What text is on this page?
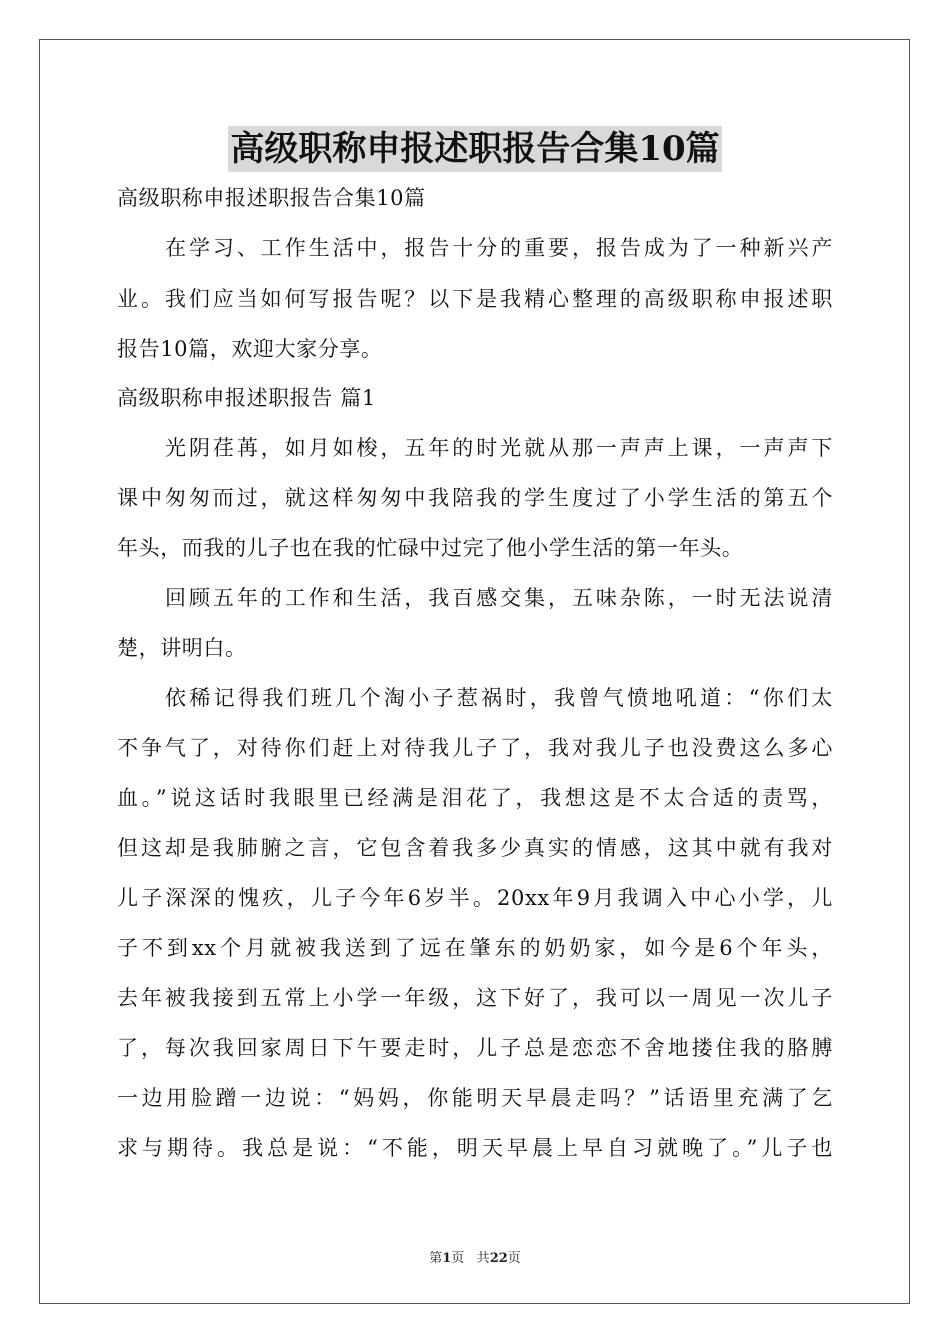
高级职称申报述职报告合集10篇
高级职称申报述职报告合集10篇
在学习、工作生活中，报告十分的重要，报告成为了一种新兴产
业。我们应当如何写报告呢？以下是我精心整理的高级职称申报述职
报告10篇，欢迎大家分享。
高级职称申报述职报告 篇1
光阴荏苒，如月如梭，五年的时光就从那一声声上课，一声声下
课中匆匆而过，就这样匆匆中我陪我的学生度过了小学生活的第五个
年头，而我的儿子也在我的忙碌中过完了他小学生活的第一年头。
回顾五年的工作和生活，我百感交集，五味杂陈，一时无法说清
楚，讲明白。
依稀记得我们班几个淘小子惹祸时，我曾气愤地吼道：“你们太
不争气了，对待你们赶上对待我儿子了，我对我儿子也没费这么多心
血。”说这话时我眼里已经满是泪花了，我想这是不太合适的责骂，
但这却是我肺腑之言，它包含着我多少真实的情感，这其中就有我对
儿子深深的愧疚，儿子今年6岁半。20xx年9月我调入中心小学，儿
子不到xx个月就被我送到了远在肇东的奶奶家，如今是6个年头，
去年被我接到五常上小学一年级，这下好了，我可以一周见一次儿子
了，每次我回家周日下午要走时，儿子总是恋恋不舍地搂住我的胳膊
一边用脸蹭一边说：“妈妈，你能明天早晨走吗？”话语里充满了乞
求与期待。我总是说：“不能，明天早晨上早自习就晚了。”儿子也
第1页 共22页
